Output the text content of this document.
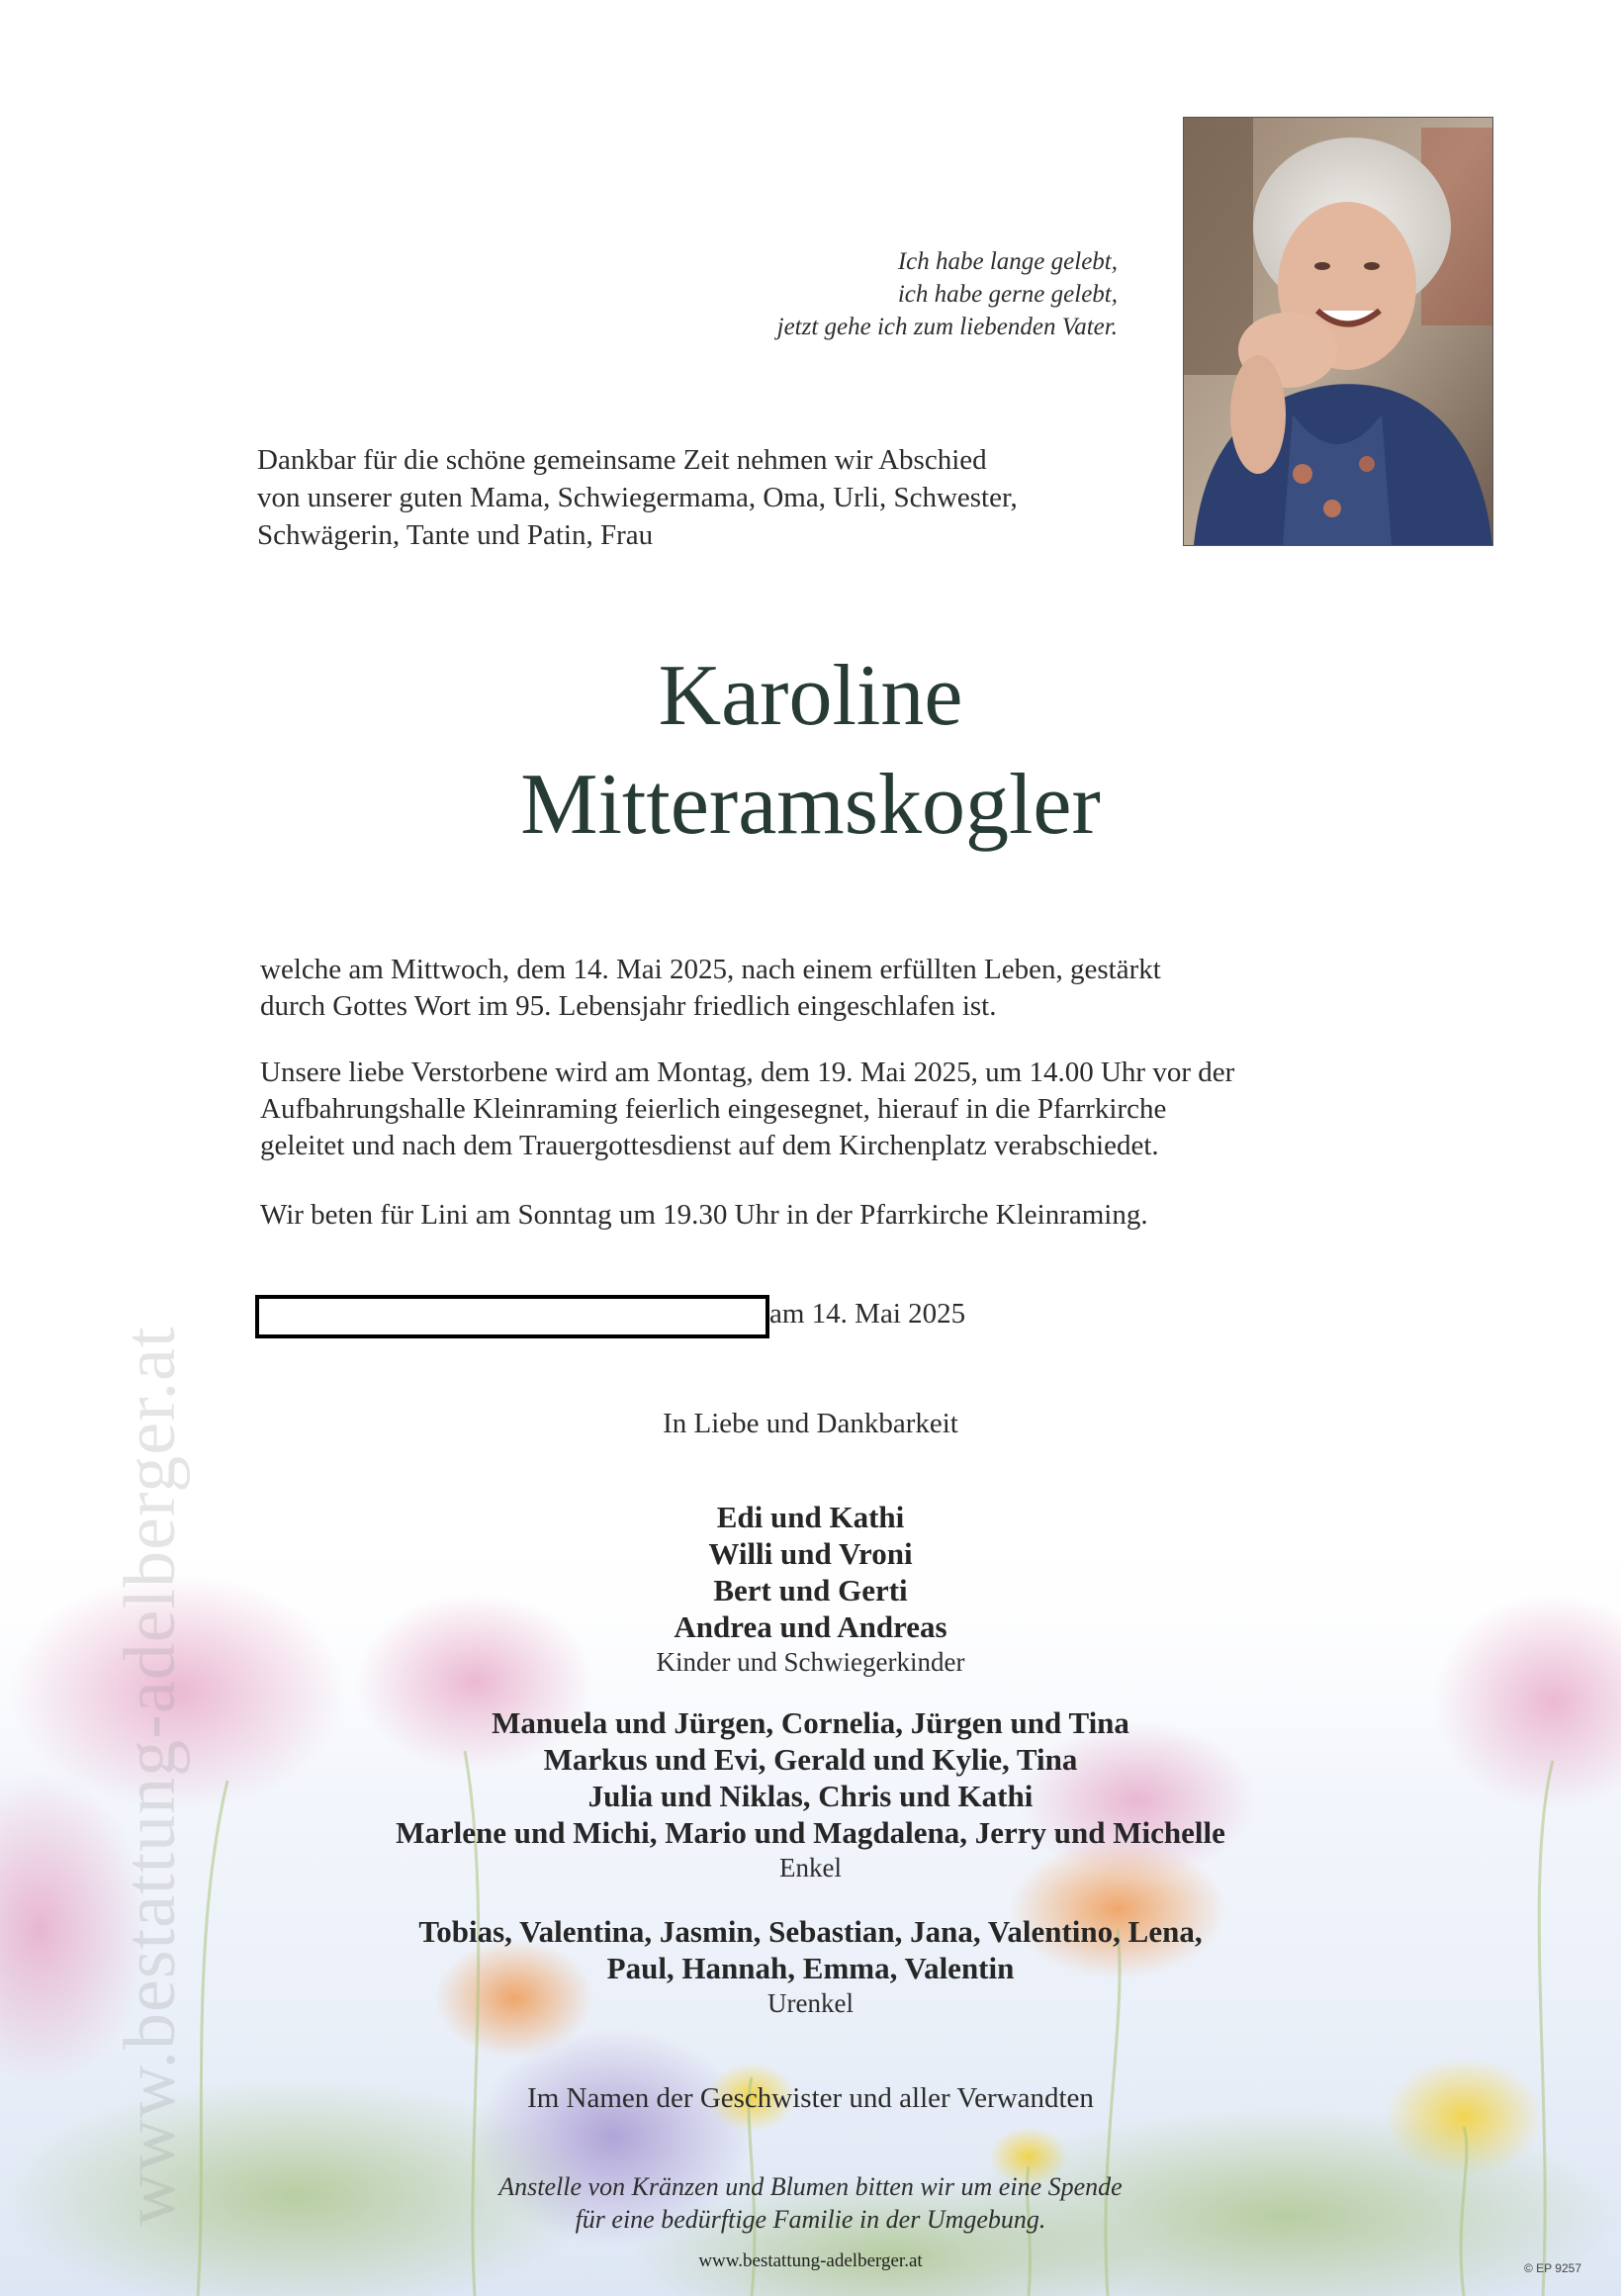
www.bestattung-adelberger.at
Ich habe lange gelebt,
ich habe gerne gelebt,
jetzt gehe ich zum liebenden Vater.
Dankbar für die schöne gemeinsame Zeit nehmen wir Abschied
von unserer guten Mama, Schwiegermama, Oma, Urli, Schwester,
Schwägerin, Tante und Patin, Frau
Karoline
Mitteramskogler
welche am Mittwoch, dem 14. Mai 2025, nach einem erfüllten Leben, gestärkt
durch Gottes Wort im 95. Lebensjahr friedlich eingeschlafen ist.
Unsere liebe Verstorbene wird am Montag, dem 19. Mai 2025, um 14.00 Uhr vor der
Aufbahrungshalle Kleinraming feierlich eingesegnet, hierauf in die Pfarrkirche
geleitet und nach dem Trauergottesdienst auf dem Kirchenplatz verabschiedet.
Wir beten für Lini am Sonntag um 19.30 Uhr in der Pfarrkirche Kleinraming.
am 14. Mai 2025
In Liebe und Dankbarkeit
Edi und Kathi
Willi und Vroni
Bert und Gerti
Andrea und Andreas
Kinder und Schwiegerkinder
Manuela und Jürgen, Cornelia, Jürgen und Tina
Markus und Evi, Gerald und Kylie, Tina
Julia und Niklas, Chris und Kathi
Marlene und Michi, Mario und Magdalena, Jerry und Michelle
Enkel
Tobias, Valentina, Jasmin, Sebastian, Jana, Valentino, Lena,
Paul, Hannah, Emma, Valentin
Urenkel
Im Namen der Geschwister und aller Verwandten
Anstelle von Kränzen und Blumen bitten wir um eine Spende
für eine bedürftige Familie in der Umgebung.
www.bestattung-adelberger.at	© EP 9257
